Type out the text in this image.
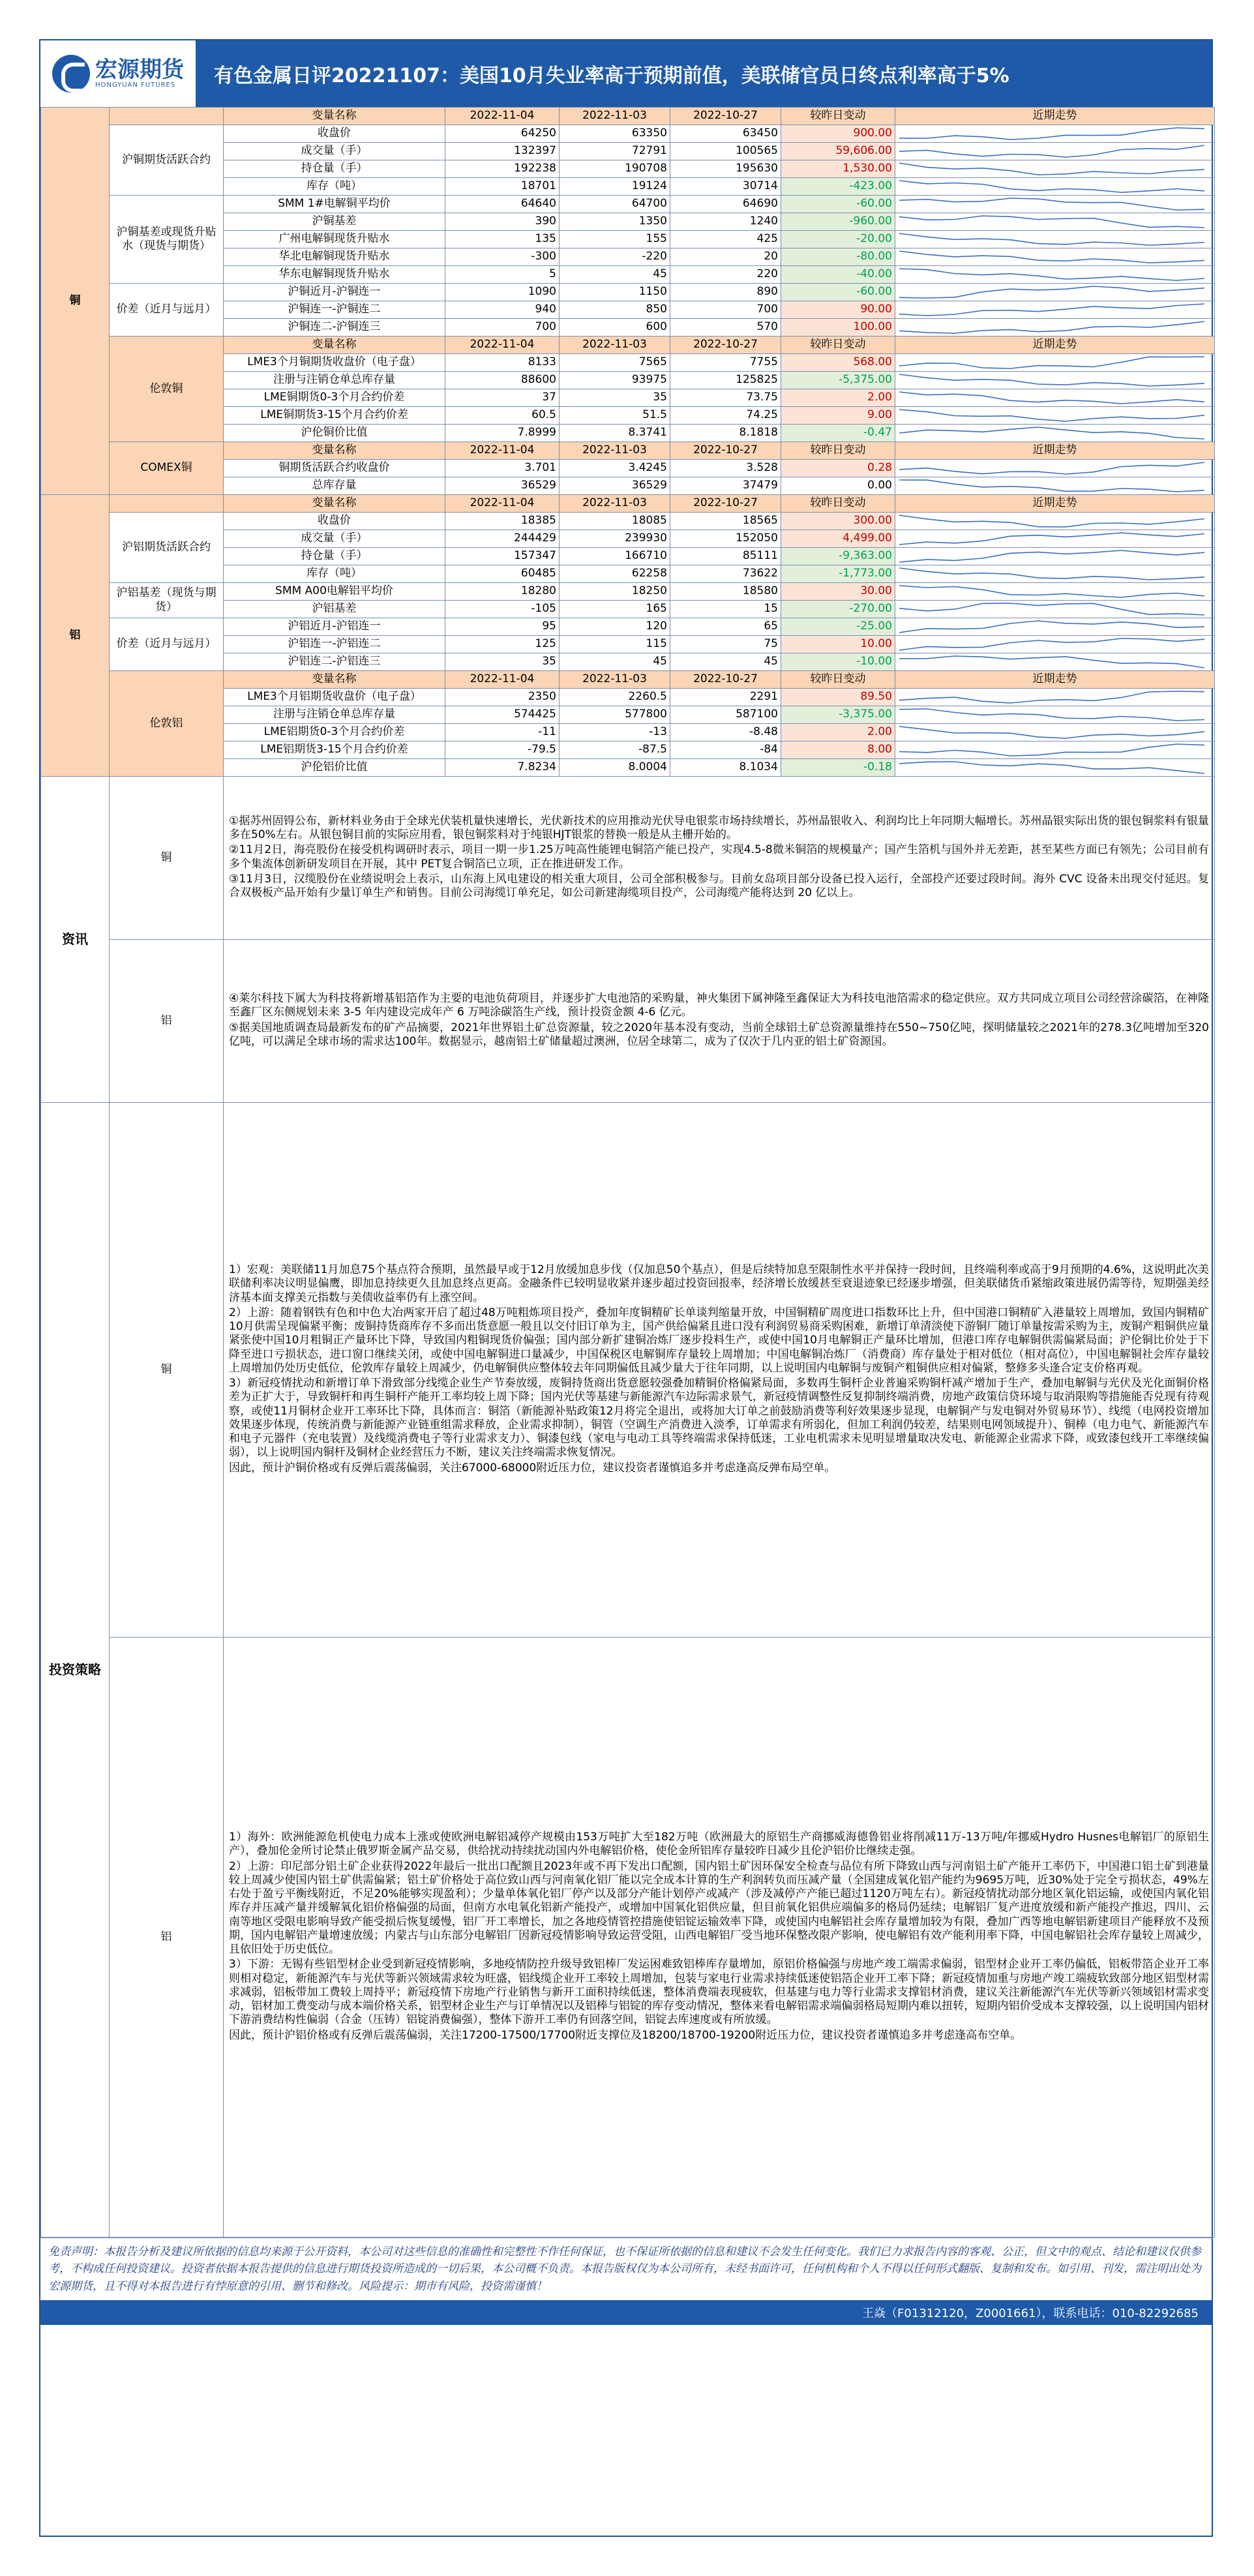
宏源期货
HONGYUAN FUTURES	有色金属日评20221107：美国10月失业率高于预期前值，美联储官员日终点利率高于5%
铜		变量名称	2022-11-04	2022-11-03	2022-10-27	较昨日变动	近期走势
	沪铜期货活跃合约	收盘价	64250	63350	63450	900.00	

		成交量（手）	132397	72791	100565	59,606.00	

		持仓量（手）	192238	190708	195630	1,530.00	

		库存（吨）	18701	19124	30714	-423.00	

	沪铜基差或现货升贴水（现货与期货）	SMM 1#电解铜平均价	64640	64700	64690	-60.00	

		沪铜基差	390	1350	1240	-960.00	

		广州电解铜现货升贴水	135	155	425	-20.00	

		华北电解铜现货升贴水	-300	-220	20	-80.00	

		华东电解铜现货升贴水	5	45	220	-40.00	

	价差（近月与远月）	沪铜近月-沪铜连一	1090	1150	890	-60.00	

		沪铜连一-沪铜连二	940	850	700	90.00	

		沪铜连二-沪铜连三	700	600	570	100.00	

	伦敦铜	变量名称	2022-11-04	2022-11-03	2022-10-27	较昨日变动	近期走势
		LME3个月铜期货收盘价（电子盘）	8133	7565	7755	568.00	

		注册与注销仓单总库存量	88600	93975	125825	-5,375.00	

		LME铜期货0-3个月合约价差	37	35	73.75	2.00	

		LME铜期货3-15个月合约价差	60.5	51.5	74.25	9.00	

		沪伦铜价比值	7.8999	8.3741	8.1818	-0.47	

	COMEX铜	变量名称	2022-11-04	2022-11-03	2022-10-27	较昨日变动	近期走势
		铜期货活跃合约收盘价	3.701	3.4245	3.528	0.28	

		总库存量	36529	36529	37479	0.00	

铝		变量名称	2022-11-04	2022-11-03	2022-10-27	较昨日变动	近期走势
	沪铝期货活跃合约	收盘价	18385	18085	18565	300.00	

		成交量（手）	244429	239930	152050	4,499.00	

		持仓量（手）	157347	166710	85111	-9,363.00	

		库存（吨）	60485	62258	73622	-1,773.00	

	沪铝基差（现货与期货）	SMM A00电解铝平均价	18280	18250	18580	30.00	

		沪铝基差	-105	165	15	-270.00	

	价差（近月与远月）	沪铝近月-沪铝连一	95	120	65	-25.00	

		沪铝连一-沪铝连二	125	115	75	10.00	

		沪铝连二-沪铝连三	35	45	45	-10.00	

	伦敦铝	变量名称	2022-11-04	2022-11-03	2022-10-27	较昨日变动	近期走势
		LME3个月铝期货收盘价（电子盘）	2350	2260.5	2291	89.50	

		注册与注销仓单总库存量	574425	577800	587100	-3,375.00	

		LME铝期货0-3个月合约价差	-11	-13	-8.48	2.00	

		LME铝期货3-15个月合约价差	-79.5	-87.5	-84	8.00	

		沪伦铝价比值	7.8234	8.0004	8.1034	-0.18	

资讯	铜	①据苏州固锝公布，新材料业务由于全球光伏装机量快速增长，光伏新技术的应用推动光伏导电银浆市场持续增长，苏州晶银收入、利润均比上年同期大幅增长。苏州晶银实际出货的银包铜浆料有银量多在50%左右。从银包铜目前的实际应用看，银包铜浆料对于纯银HJT银浆的替换一般是从主栅开始的。
②11月2日，海亮股份在接受机构调研时表示，项目一期一步1.25万吨高性能锂电铜箔产能已投产，实现4.5-8微米铜箔的规模量产；国产生箔机与国外并无差距，甚至某些方面已有领先；公司目前有多个集流体创新研发项目在开展，其中 PET复合铜箔已立项，正在推进研发工作。
③11月3日，汉缆股份在业绩说明会上表示，山东海上风电建设的相关重大项目，公司全部积极参与。目前女岛项目部分设备已投入运行，全部投产还要过段时间。海外 CVC 设备未出现交付延迟。复合双极板产品开始有少量订单生产和销售。目前公司海缆订单充足，如公司新建海缆项目投产，公司海缆产能将达到 20 亿以上。					

	铝	④莱尔科技下属大为科技将新增基铝箔作为主要的电池负荷项目，并逐步扩大电池箔的采购量，神火集团下属神隆至鑫保证大为科技电池箔需求的稳定供应。双方共同成立项目公司经营涂碳箔，在神隆至鑫厂区东侧规划未来 3-5 年内建设完成年产 6 万吨涂碳箔生产线，预计投资金额 4-6 亿元。
⑤据美国地质调查局最新发布的矿产品摘要，2021年世界铝土矿总资源量，较之2020年基本没有变动，当前全球铝土矿总资源量维持在550~750亿吨，探明储量较之2021年的278.3亿吨增加至320亿吨，可以满足全球市场的需求达100年。数据显示，越南铝土矿储量超过澳洲，位居全球第二，成为了仅次于几内亚的铝土矿资源国。					

投资策略	铜	1）宏观：美联储11月加息75个基点符合预期，虽然最早或于12月放缓加息步伐（仅加息50个基点），但是后续特加息至限制性水平并保持一段时间，且终端利率或高于9月预期的4.6%，这说明此次美联储利率决议明显偏鹰，即加息持续更久且加息终点更高。金融条件已较明显收紧并逐步超过投资回报率，经济增长放缓甚至衰退迹象已经逐步增强，但美联储货币紧缩政策进展仍需等待，短期强美经济基本面支撑美元指数与美债收益率仍有上涨空间。
2）上游：随着钢铁有色和中色大冶两家开启了超过48万吨粗炼项目投产，叠加年度铜精矿长单谈判缩量开放，中国铜精矿周度进口指数环比上升，但中国港口铜精矿入港量较上周增加，致国内铜精矿10月供需呈现偏紧平衡；废铜持货商库存不多而出货意愿一般且以交付旧订单为主，国产供给偏紧且进口没有利润贸易商采购困难，新增订单清淡使下游铜厂随订单量按需采购为主，废铜产粗铜供应量紧张使中国10月粗铜正产量环比下降，导致国内粗铜现货价偏强；国内部分新扩建铜冶炼厂逐步投料生产，或使中国10月电解铜正产量环比增加，但港口库存电解铜供需偏紧局面；沪伦铜比价处于下降至进口亏损状态，进口窗口继续关闭，或使中国电解铜进口量减少，中国保税区电解铜库存量较上周增加；中国电解铜冶炼厂（消费商）库存量处于相对低位（相对高位），中国电解铜社会库存量较上周增加仍处历史低位，伦敦库存量较上周减少，仍电解铜供应整体较去年同期偏低且减少量大于往年同期，以上说明国内电解铜与废铜产粗铜供应相对偏紧，整修多头逢合定支价格再观。
3）新冠疫情扰动和新增订单下滑致部分线缆企业生产节奏放缓，废铜持货商出货意愿较强叠加精铜价格偏紧局面，多数再生铜杆企业普遍采购铜杆减产增加于生产，叠加电解铜与光伏及光化面铜价格差为正扩大于，导致铜杆和再生铜杆产能开工率均较上周下降；国内光伏等基建与新能源汽车边际需求景气，新冠疫情调整性反复抑制终端消费，房地产政策信贷环境与取消限购等措施能否兑现有待观察，或使11月铜材企业开工率环比下降，具体而言：铜箔（新能源补贴政策12月将完全退出，或将加大订单之前鼓励消费等利好效果逐步显现，电解铜产与发电铜对外贸易环节）、线缆（电网投资增加效果逐步体现，传统消费与新能源产业链重组需求释放，企业需求抑制），铜管（空调生产消费进入淡季，订单需求有所弱化，但加工利润仍较差，结果则电网领域提升）、铜棒（电力电气、新能源汽车和电子元器件（充电装置）及线缆消费电子等行业需求支力）、铜漆包线（家电与电动工具等终端需求保持低迷，工业电机需求未见明显增量取决发电、新能源企业需求下降，或致漆包线开工率继续偏弱），以上说明国内铜杆及铜材企业经营压力不断，建议关注终端需求恢复情况。
因此，预计沪铜价格或有反弹后震荡偏弱，关注67000-68000附近压力位，建议投资者谨慎追多并考虑逢高反弹布局空单。					

	铝	1）海外：欧洲能源危机使电力成本上涨或使欧洲电解铝减停产规模由153万吨扩大至182万吨（欧洲最大的原铝生产商挪威海德鲁铝业将削减11万-13万吨/年挪威Hydro Husnes电解铝厂的原铝生产），叠加伦金所讨论禁止俄罗斯金属产品交易，供给扰动持续扰动国内外电解铝价格，使伦金所铝库存量较昨日减少且伦沪铝价比继续走强。
2）上游：印尼部分铝土矿企业获得2022年最后一批出口配额且2023年或不再下发出口配额，国内铝土矿因环保安全检查与品位有所下降致山西与河南铝土矿产能开工率仍下，中国港口铝土矿到港量较上周减少使国内铝土矿供需偏紧；铝土矿价格处于高位致山西与河南氧化铝厂能以完全成本计算的生产利润转负而压减产量（全国建成氧化铝产能约为9695万吨，近30%处于完全亏损状态，49%左右处于盈亏平衡线附近，不足20%能够实现盈利）；少量单体氧化铝厂停产以及部分产能计划停产或减产（涉及减停产产能已超过1120万吨左右）。新冠疫情扰动部分地区氧化铝运输，或使国内氧化铝库存并压减产量并缓解氧化铝价格偏强的局面，但南方水电氧化铝新产能投产，或增加中国氧化铝供应量，但目前氧化铝供应端偏多的格局仍延续；电解铝厂复产进度放缓和新产能投产推迟，四川、云南等地区受限电影响导致产能受损后恢复缓慢，铝厂开工率增长，加之各地疫情管控措施使铝锭运输效率下降，或使国内电解铝社会库存量增加较为有限，叠加广西等地电解铝新建项目产能释放不及预期，国内电解铝产量增速放缓；内蒙古与山东部分电解铝厂因新冠疫情影响导致运营受阻，山西电解铝厂受当地环保整改限产影响，使电解铝有效产能利用率下降，中国电解铝社会库存量较上周减少，且依旧处于历史低位。
3）下游：无锡有些铝型材企业受到新冠疫情影响，多地疫情防控升级导致铝棒厂发运困难致铝棒库存量增加，原铝价格偏强与房地产竣工端需求偏弱，铝型材企业开工率仍偏低，铝板带箔企业开工率则相对稳定，新能源汽车与光伏等新兴领域需求较为旺盛，铝线缆企业开工率较上周增加，包装与家电行业需求持续低迷使铝箔企业开工率下降；新冠疫情加重与房地产竣工端疲软致部分地区铝型材需求减弱，铝板带加工费较上周持平；新冠疫情下房地产行业销售与新开工面积持续低迷，整体消费端表现疲软，但基建与电力等行业需求支撑铝材消费，建议关注新能源汽车光伏等新兴领域铝材需求变动，铝材加工费变动与成本端价格关系，铝型材企业生产与订单情况以及铝棒与铝锭的库存变动情况，整体来看电解铝需求端偏弱格局短期内难以扭转，短期内铝价受成本支撑较强，以上说明国内铝材下游消费结构性偏弱（合金（压铸）铝锭消费偏强），整体下游开工率仍有回落空间，铝锭去库速度或有所放缓。
因此，预计沪铝价格或有反弹后震荡偏弱，关注17200-17500/17700附近支撑位及18200/18700-19200附近压力位，建议投资者谨慎追多并考虑逢高布空单。					
免责声明：本报告分析及建议所依据的信息均来源于公开资料，本公司对这些信息的准确性和完整性不作任何保证，也不保证所依据的信息和建议不会发生任何变化。我们已力求报告内容的客观、公正，但文中的观点、结论和建议仅供参考，不构成任何投资建议。投资者依据本报告提供的信息进行期货投资所造成的一切后果，本公司概不负责。本报告版权仅为本公司所有，未经书面许可，任何机构和个人不得以任何形式翻版、复制和发布。如引用、刊发，需注明出处为宏源期货，且不得对本报告进行有悖原意的引用、删节和修改。风险提示：期市有风险，投资需谨慎！
王焱（F01312120，Z0001661），联系电话：010-82292685
